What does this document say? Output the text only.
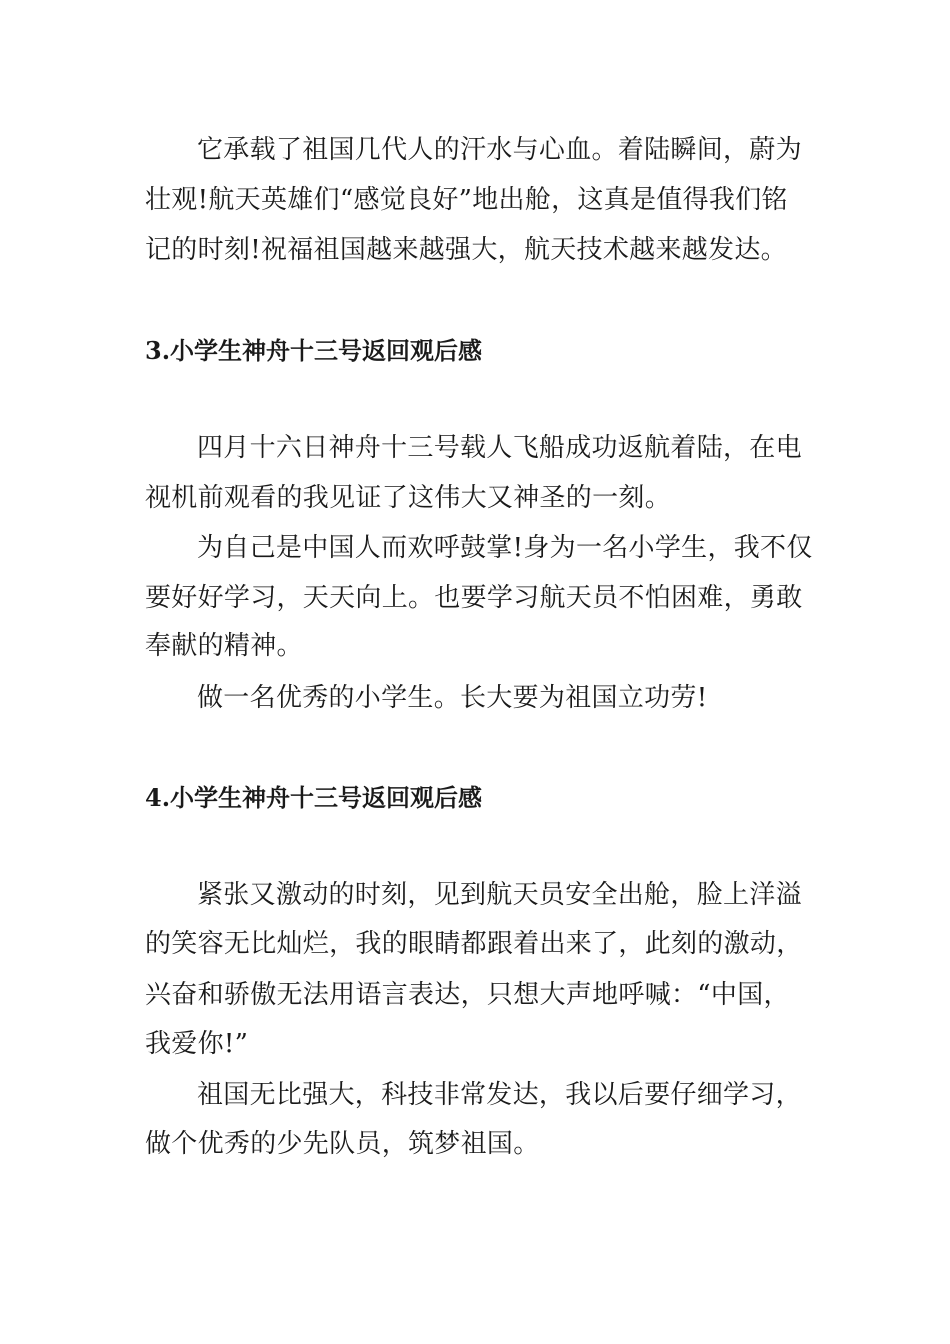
它承载了祖国几代人的汗水与心血。着陆瞬间，蔚为

壮观!航天英雄们“感觉良好”地出舱，这真是值得我们铭

记的时刻!祝福祖国越来越强大，航天技术越来越发达。

3.小学生神舟十三号返回观后感

四月十六日神舟十三号载人飞船成功返航着陆，在电

视机前观看的我见证了这伟大又神圣的一刻。

为自己是中国人而欢呼鼓掌!身为一名小学生，我不仅

要好好学习，天天向上。也要学习航天员不怕困难，勇敢

奉献的精神。

做一名优秀的小学生。长大要为祖国立功劳!

4.小学生神舟十三号返回观后感

紧张又激动的时刻，见到航天员安全出舱，脸上洋溢

的笑容无比灿烂，我的眼睛都跟着出来了，此刻的激动，

兴奋和骄傲无法用语言表达，只想大声地呼喊：“中国，

我爱你!”

祖国无比强大，科技非常发达，我以后要仔细学习，

做个优秀的少先队员，筑梦祖国。
